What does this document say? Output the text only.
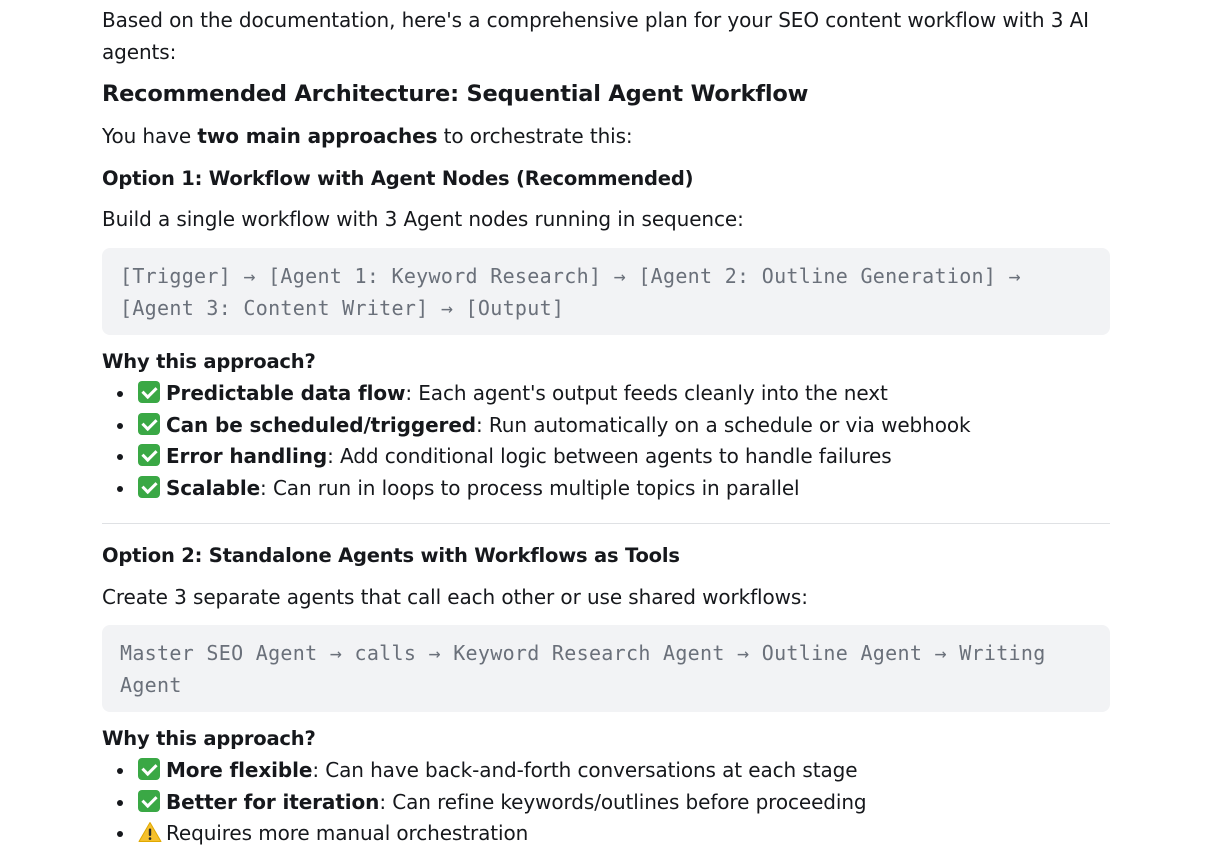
Based on the documentation, here's a comprehensive plan for your SEO content workflow with 3 AI agents:

Recommended Architecture: Sequential Agent Workflow

You have two main approaches to orchestrate this:

Option 1: Workflow with Agent Nodes (Recommended)

Build a single workflow with 3 Agent nodes running in sequence:

[Trigger] → [Agent 1: Keyword Research] → [Agent 2: Outline Generation] →
[Agent 3: Content Writer] → [Output]
Why this approach?
Predictable data flow: Each agent's output feeds cleanly into the next
Can be scheduled/triggered: Run automatically on a schedule or via webhook
Error handling: Add conditional logic between agents to handle failures
Scalable: Can run in loops to process multiple topics in parallel
Option 2: Standalone Agents with Workflows as Tools

Create 3 separate agents that call each other or use shared workflows:

Master SEO Agent → calls → Keyword Research Agent → Outline Agent → Writing
Agent
Why this approach?
More flexible: Can have back-and-forth conversations at each stage
Better for iteration: Can refine keywords/outlines before proceeding
Requires more manual orchestration
